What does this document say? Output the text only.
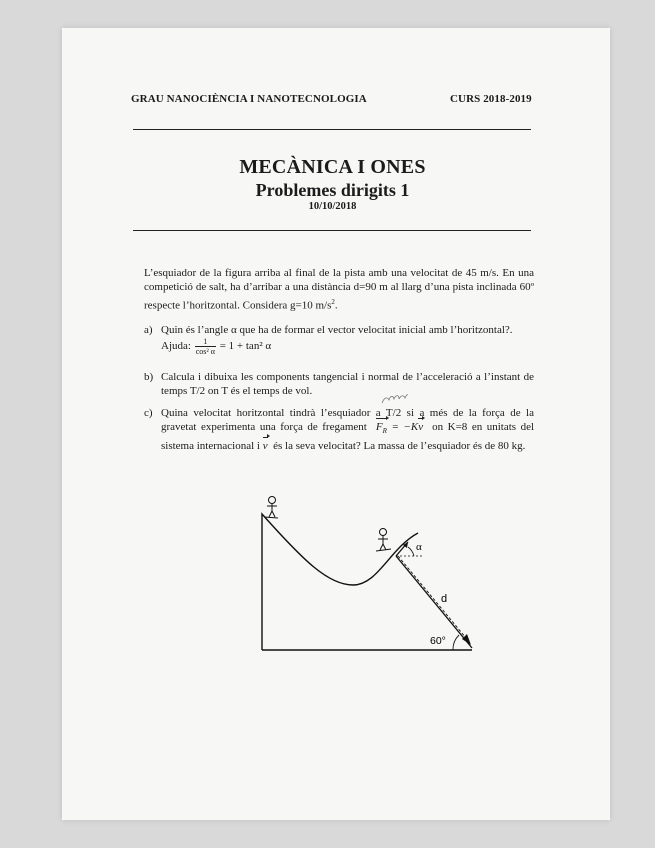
GRAU NANOCIÈNCIA I NANOTECNOLOGIA	CURS 2018-2019
MECÀNICA I ONES
Problemes dirigits 1
10/10/2018
L’esquiador de la figura arriba al final de la pista amb una velocitat de 45 m/s. En una competició de salt, ha d’arribar a una distància d=90 m al llarg d’una pista inclinada 60º respecte l’horitzontal. Considera g=10 $m/s^2$.
a) Quin és l’angle α que ha de formar el vector velocitat inicial amb l’horitzontal?.
Ajuda: $\frac{1}{\text{cos² α}} = 1 + \tan^2$ α
b) Calcula i dibuixa les components tangencial i normal de l’acceleració a l’instant de temps T/2 on T és el temps de vol.
c) Quina velocitat horitzontal tindrà l’esquiador a T/2 si a més de la força de la gravetat experimenta una força de fregament $F_R = -Kv$ on K=8 en unitats del sistema internacional i v és la seva velocitat? La massa de l’esquiador és de 80 kg.
α
d
60°
